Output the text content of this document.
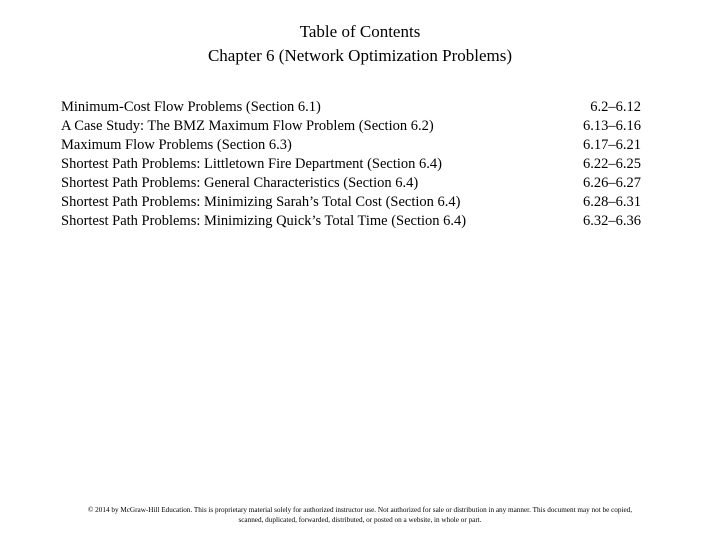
Table of Contents
Chapter 6 (Network Optimization Problems)
Minimum-Cost Flow Problems (Section 6.1)	6.2–6.12
A Case Study: The BMZ Maximum Flow Problem (Section 6.2)	6.13–6.16
Maximum Flow Problems (Section 6.3)	6.17–6.21
Shortest Path Problems: Littletown Fire Department (Section 6.4)	6.22–6.25
Shortest Path Problems: General Characteristics (Section 6.4)	6.26–6.27
Shortest Path Problems: Minimizing Sarah’s Total Cost (Section 6.4)	6.28–6.31
Shortest Path Problems: Minimizing Quick’s Total Time (Section 6.4)	6.32–6.36
© 2014 by McGraw-Hill Education. This is proprietary material solely for authorized instructor use. Not authorized for sale or distribution in any manner. This document may not be copied,
scanned, duplicated, forwarded, distributed, or posted on a website, in whole or part.
